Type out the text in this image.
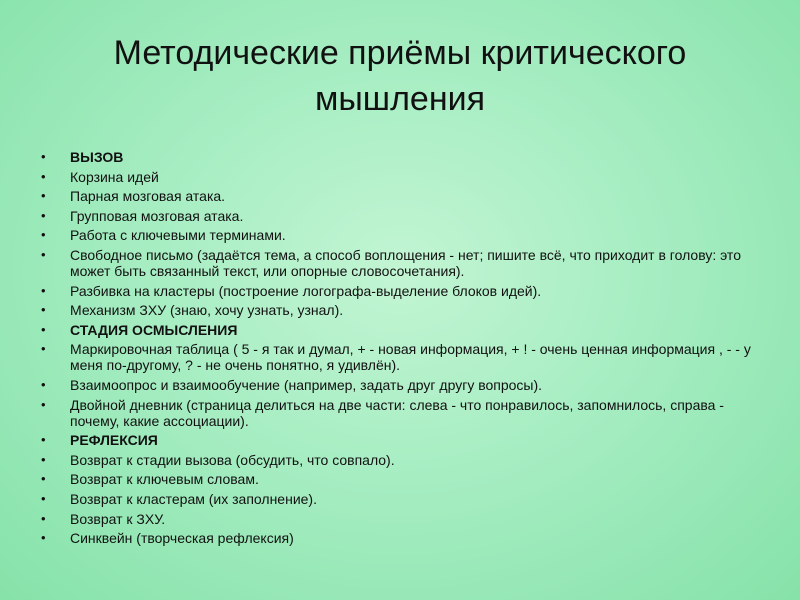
Методические приёмы критического мышления
• ВЫЗОВ
• Корзина идей
• Парная мозговая атака.
• Групповая мозговая атака.
• Работа с ключевыми терминами.
• Свободное письмо (задаётся тема, а способ воплощения - нет; пишите всё, что приходит в голову: это может быть связанный текст, или опорные словосочетания).
• Разбивка на кластеры (построение логографа-выделение блоков идей).
• Механизм ЗХУ (знаю, хочу узнать, узнал).
• СТАДИЯ ОСМЫСЛЕНИЯ
• Маркировочная таблица ( 5 - я так и думал, + - новая информация, + ! - очень ценная информация , - - у меня по-другому, ? - не очень понятно, я удивлён).
• Взаимоопрос и взаимообучение (например, задать друг другу вопросы).
• Двойной дневник (страница делиться на две части: слева - что понравилось, запомнилось, справа - почему, какие ассоциации).
• РЕФЛЕКСИЯ
• Возврат к стадии вызова (обсудить, что совпало).
• Возврат к ключевым словам.
• Возврат к кластерам (их заполнение).
• Возврат к ЗХУ.
• Синквейн (творческая рефлексия)
